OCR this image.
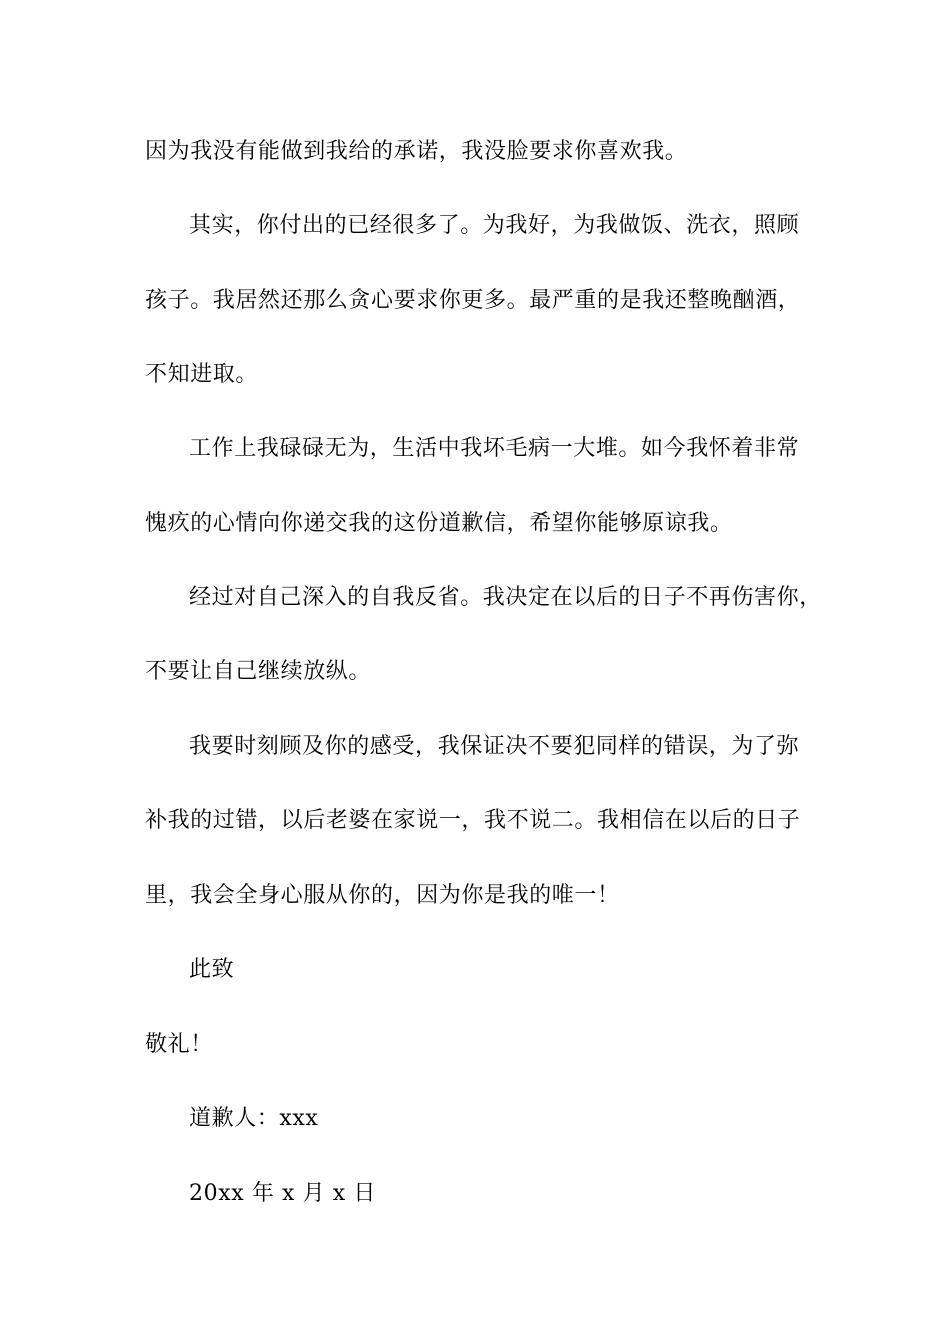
因为我没有能做到我给的承诺，我没脸要求你喜欢我。

其实，你付出的已经很多了。为我好，为我做饭、洗衣，照顾

孩子。我居然还那么贪心要求你更多。最严重的是我还整晚酗酒，

不知进取。

工作上我碌碌无为，生活中我坏毛病一大堆。如今我怀着非常

愧疚的心情向你递交我的这份道歉信，希望你能够原谅我。

经过对自己深入的自我反省。我决定在以后的日子不再伤害你，

不要让自己继续放纵。

我要时刻顾及你的感受，我保证决不要犯同样的错误，为了弥

补我的过错，以后老婆在家说一，我不说二。我相信在以后的日子

里，我会全身心服从你的，因为你是我的唯一！

此致

敬礼！

道歉人：xxx

20xx 年 x 月 x 日
